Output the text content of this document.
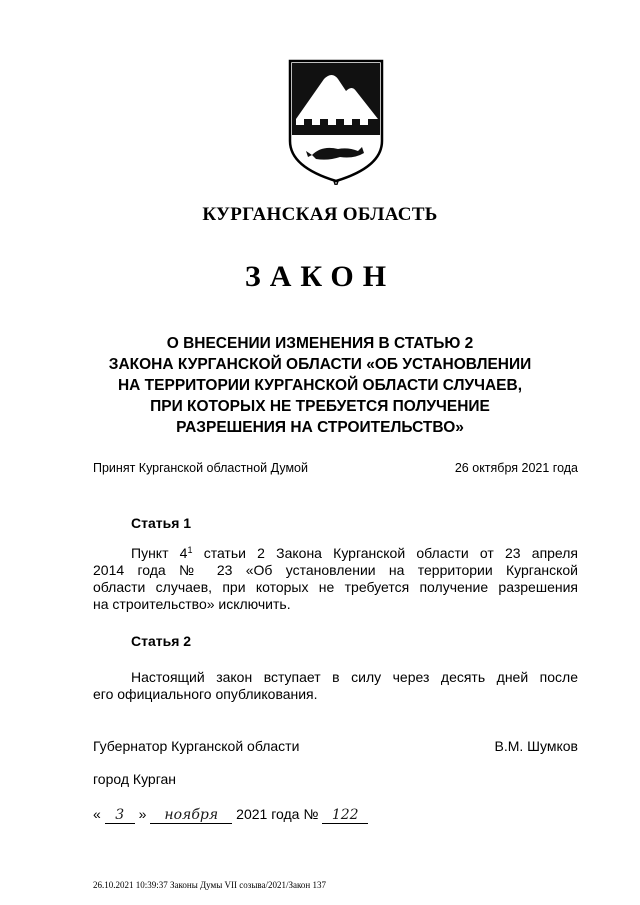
КУРГАНСКАЯ ОБЛАСТЬ
ЗАКОН
О ВНЕСЕНИИ ИЗМЕНЕНИЯ В СТАТЬЮ 2
ЗАКОНА КУРГАНСКОЙ ОБЛАСТИ «ОБ УСТАНОВЛЕНИИ
НА ТЕРРИТОРИИ КУРГАНСКОЙ ОБЛАСТИ СЛУЧАЕВ,
ПРИ КОТОРЫХ НЕ ТРЕБУЕТСЯ ПОЛУЧЕНИЕ
РАЗРЕШЕНИЯ НА СТРОИТЕЛЬСТВО»
Принят Курганской областной Думой	26 октября 2021 года
Статья 1
Пункт $4^1$ статьи 2 Закона Курганской области от 23 апреля
2014 года № 23 «Об установлении на территории Курганской
области случаев, при которых не требуется получение разрешения
на строительство» исключить.
Статья 2
Настоящий закон вступает в силу через десять дней после
его официального опубликования.
Губернатор Курганской области	В.М. Шумков
город Курган
« 3 » ноября 2021 года № 122
26.10.2021 10:39:37 Законы Думы VII созыва/2021/Закон 137
